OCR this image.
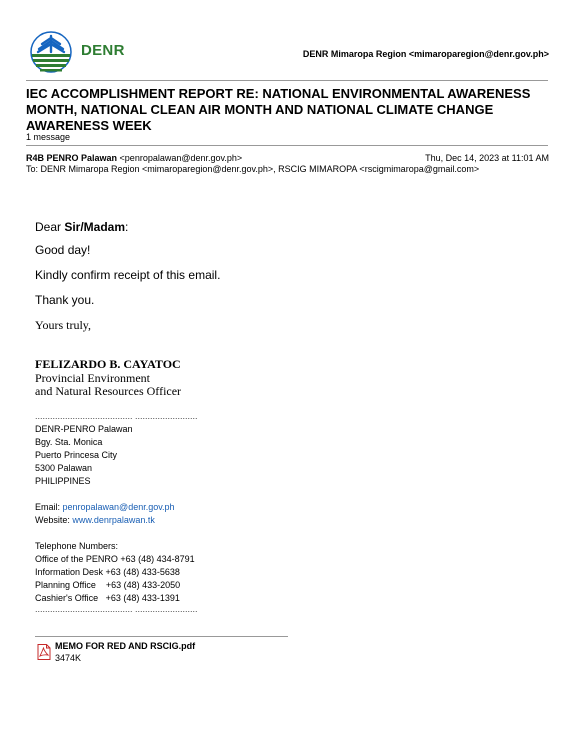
DENR	DENR Mimaropa Region <mimaroparegion@denr.gov.ph>
IEC ACCOMPLISHMENT REPORT RE: NATIONAL ENVIRONMENTAL AWARENESS MONTH, NATIONAL CLEAN AIR MONTH AND NATIONAL CLIMATE CHANGE AWARENESS WEEK
1 message
R4B PENRO Palawan <penropalawan@denr.gov.ph>	Thu, Dec 14, 2023 at 11:01 AM
To: DENR Mimaropa Region <mimaroparegion@denr.gov.ph>, RSCIG MIMAROPA <rscigmimaropa@gmail.com>
Dear Sir/Madam:
Good day!
Kindly confirm receipt of this email.
Thank you.
Yours truly,
FELIZARDO B. CAYATOC
Provincial Environment
and Natural Resources Officer
....................................... .........................
DENR-PENRO Palawan
Bgy. Sta. Monica
Puerto Princesa City
5300 Palawan
PHILIPPINES
Email: penropalawan@denr.gov.ph
Website: www.denrpalawan.tk
Telephone Numbers:
Office of the PENRO +63 (48) 434-8791
Information Desk +63 (48) 433-5638
Planning Office    +63 (48) 433-2050
Cashier's Office   +63 (48) 433-1391
....................................... .........................
MEMO FOR RED AND RSCIG.pdf
3474K
